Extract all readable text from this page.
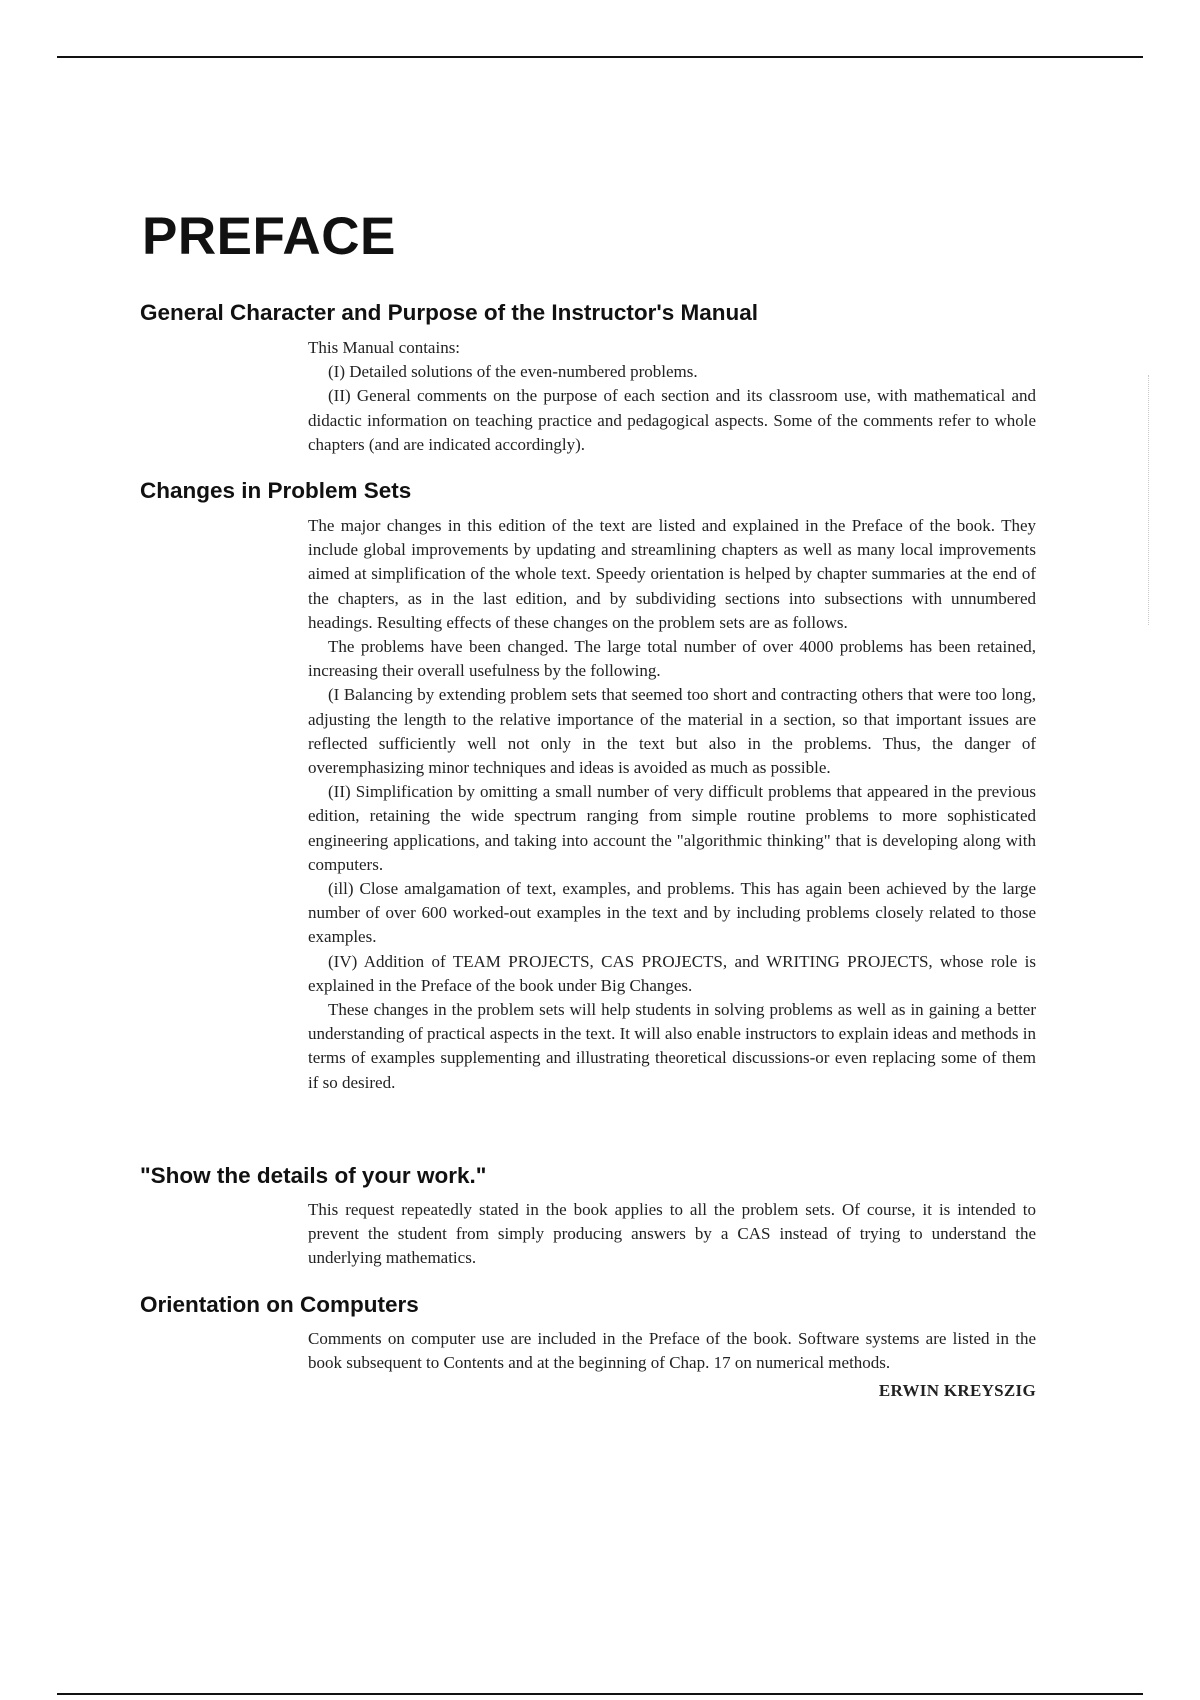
PREFACE
General Character and Purpose of the Instructor's Manual

This Manual contains:

(I) Detailed solutions of the even-numbered problems.

(II) General comments on the purpose of each section and its classroom use, with mathematical and didactic information on teaching practice and pedagogical aspects. Some of the comments refer to whole chapters (and are indicated accordingly).

Changes in Problem Sets

The major changes in this edition of the text are listed and explained in the Preface of the book. They include global improvements by updating and streamlining chapters as well as many local improvements aimed at simplification of the whole text. Speedy orientation is helped by chapter summaries at the end of the chapters, as in the last edition, and by subdividing sections into subsections with unnumbered headings. Resulting effects of these changes on the problem sets are as follows.

The problems have been changed. The large total number of over 4000 problems has been retained, increasing their overall usefulness by the following.

(I Balancing by extending problem sets that seemed too short and contracting others that were too long, adjusting the length to the relative importance of the material in a section, so that important issues are reflected sufficiently well not only in the text but also in the problems. Thus, the danger of overemphasizing minor techniques and ideas is avoided as much as possible.

(II) Simplification by omitting a small number of very difficult problems that appeared in the previous edition, retaining the wide spectrum ranging from simple routine problems to more sophisticated engineering applications, and taking into account the "algorithmic thinking" that is developing along with computers.

(ill) Close amalgamation of text, examples, and problems. This has again been achieved by the large number of over 600 worked-out examples in the text and by including problems closely related to those examples.

(IV) Addition of TEAM PROJECTS, CAS PROJECTS, and WRITING PROJECTS, whose role is explained in the Preface of the book under Big Changes.

These changes in the problem sets will help students in solving problems as well as in gaining a better understanding of practical aspects in the text. It will also enable instructors to explain ideas and methods in terms of examples supplementing and illustrating theoretical discussions-or even replacing some of them if so desired.

"Show the details of your work."

This request repeatedly stated in the book applies to all the problem sets. Of course, it is intended to prevent the student from simply producing answers by a CAS instead of trying to understand the underlying mathematics.

Orientation on Computers

Comments on computer use are included in the Preface of the book. Software systems are listed in the book subsequent to Contents and at the beginning of Chap. 17 on numerical methods.

ERWIN KREYSZIG
